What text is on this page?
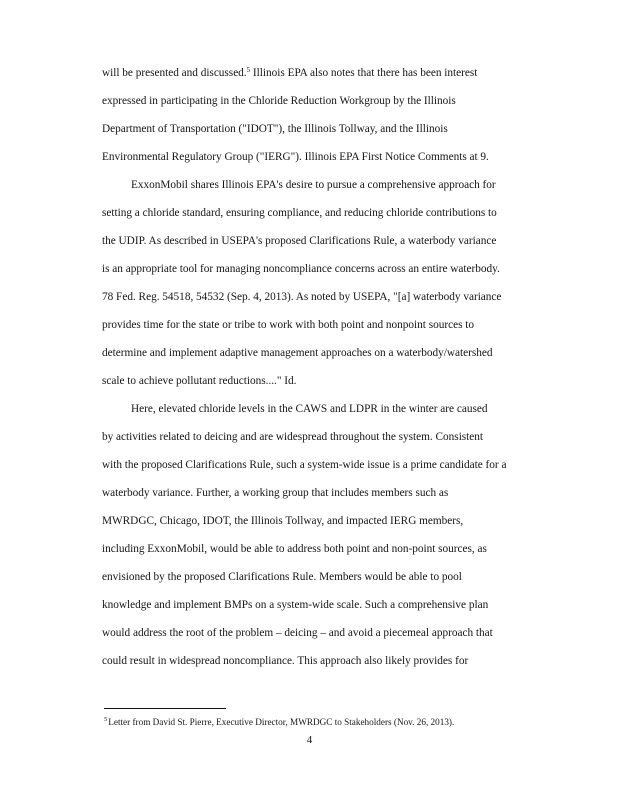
will be presented and discussed.$^5$ Illinois EPA also notes that there has been interest
expressed in participating in the Chloride Reduction Workgroup by the Illinois
Department of Transportation ("IDOT"), the Illinois Tollway, and the Illinois
Environmental Regulatory Group ("IERG"). Illinois EPA First Notice Comments at 9.
ExxonMobil shares Illinois EPA's desire to pursue a comprehensive approach for
setting a chloride standard, ensuring compliance, and reducing chloride contributions to
the UDIP. As described in USEPA's proposed Clarifications Rule, a waterbody variance
is an appropriate tool for managing noncompliance concerns across an entire waterbody.
78 Fed. Reg. 54518, 54532 (Sep. 4, 2013). As noted by USEPA, "[a] waterbody variance
provides time for the state or tribe to work with both point and nonpoint sources to
determine and implement adaptive management approaches on a waterbody/watershed
scale to achieve pollutant reductions...." Id.
Here, elevated chloride levels in the CAWS and LDPR in the winter are caused
by activities related to deicing and are widespread throughout the system. Consistent
with the proposed Clarifications Rule, such a system-wide issue is a prime candidate for a
waterbody variance. Further, a working group that includes members such as
MWRDGC, Chicago, IDOT, the Illinois Tollway, and impacted IERG members,
including ExxonMobil, would be able to address both point and non-point sources, as
envisioned by the proposed Clarifications Rule. Members would be able to pool
knowledge and implement BMPs on a system-wide scale. Such a comprehensive plan
would address the root of the problem – deicing – and avoid a piecemeal approach that
could result in widespread noncompliance. This approach also likely provides for
$^5$Letter from David St. Pierre, Executive Director, MWRDGC to Stakeholders (Nov. 26, 2013).
4
